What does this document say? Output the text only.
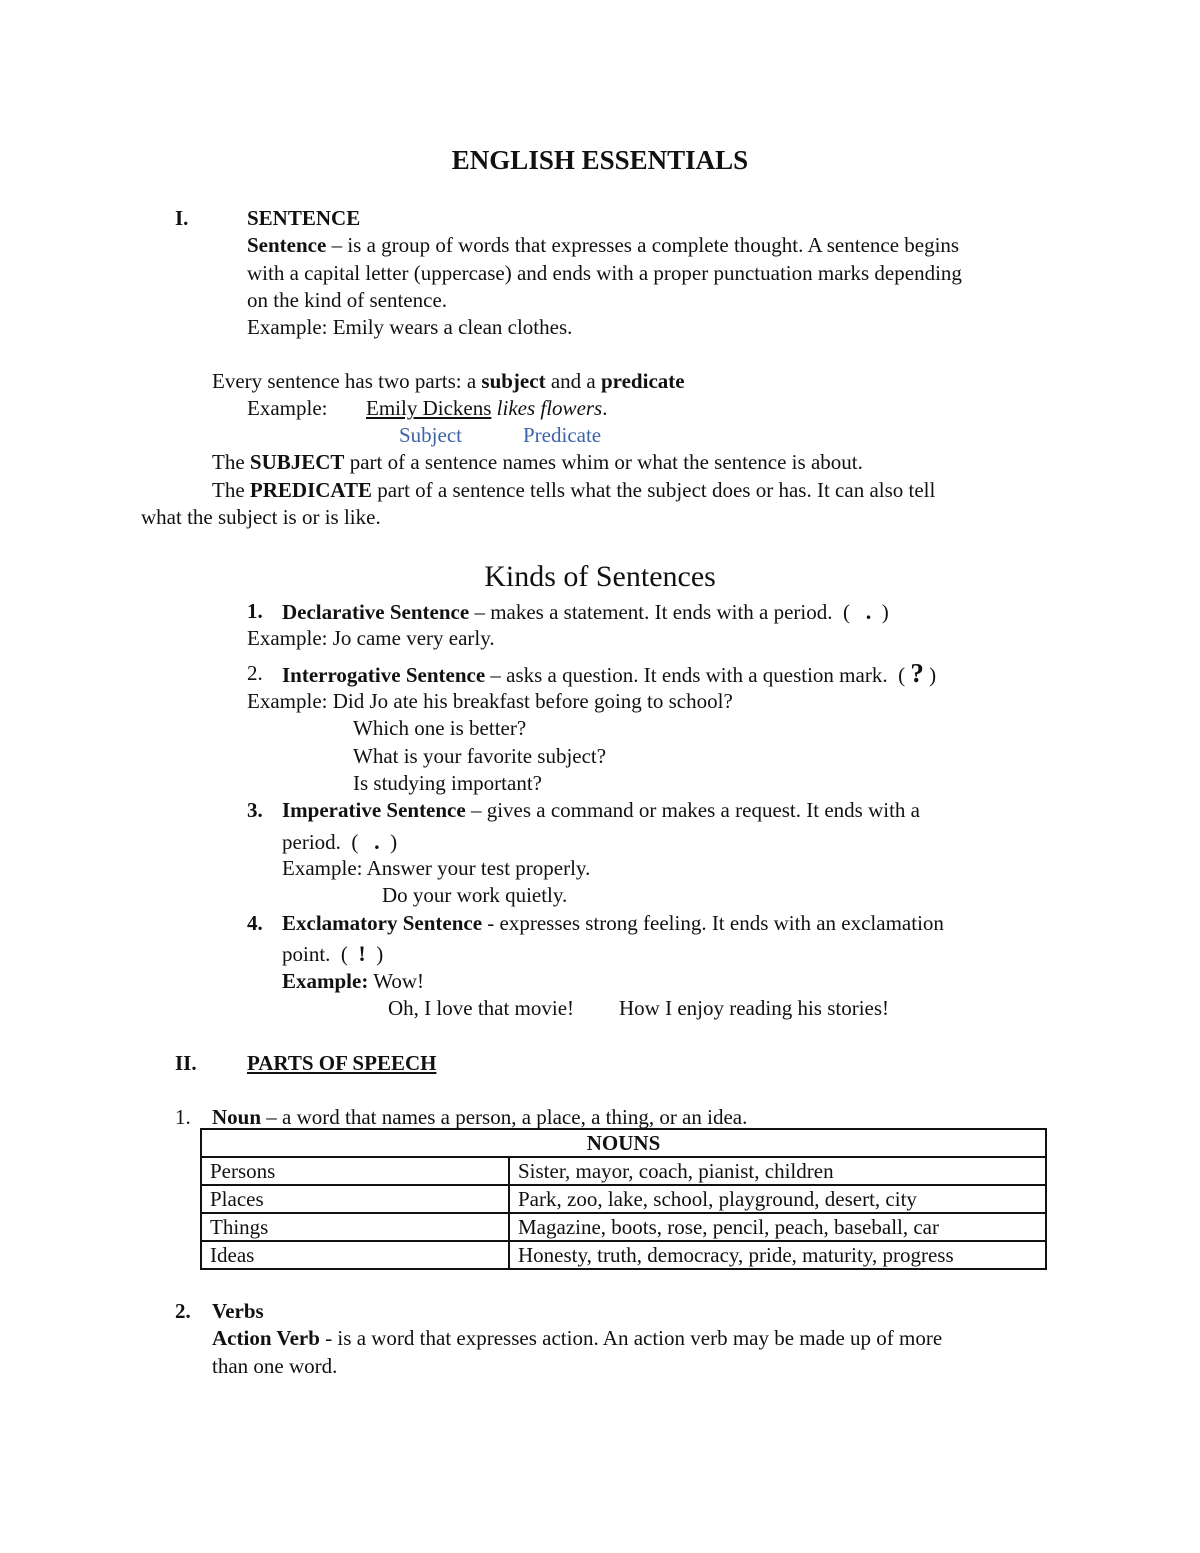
ENGLISH ESSENTIALS
I.	SENTENCE
Sentence – is a group of words that expresses a complete thought. A sentence begins
with a capital letter (uppercase) and ends with a proper punctuation marks depending
on the kind of sentence.
Example: Emily wears a clean clothes.
Every sentence has two parts: a subject and a predicate
Example: Emily Dickens likes flowers.
Subject	Predicate
The SUBJECT part of a sentence names whim or what the sentence is about.
The PREDICATE part of a sentence tells what the subject does or has. It can also tell
what the subject is or is like.
Kinds of Sentences
1. Declarative Sentence – makes a statement. It ends with a period.  (   .  )
Example: Jo came very early.
2. Interrogative Sentence – asks a question. It ends with a question mark.  ( ? )
Example: Did Jo ate his breakfast before going to school?
Which one is better?
What is your favorite subject?
Is studying important?
3. Imperative Sentence – gives a command or makes a request. It ends with a
period.  (   .  )
Example: Answer your test properly.
Do your work quietly.
4. Exclamatory Sentence - expresses strong feeling. It ends with an exclamation
point.  (  !  )
Example: Wow!
Oh, I love that movie! How I enjoy reading his stories!
II. PARTS OF SPEECH
1. Noun – a word that names a person, a place, a thing, or an idea.
NOUNS	
Persons	Sister, mayor, coach, pianist, children
Places	Park, zoo, lake, school, playground, desert, city
Things	Magazine, boots, rose, pencil, peach, baseball, car
Ideas	Honesty, truth, democracy, pride, maturity, progress
2. Verbs
Action Verb - is a word that expresses action. An action verb may be made up of more
than one word.
